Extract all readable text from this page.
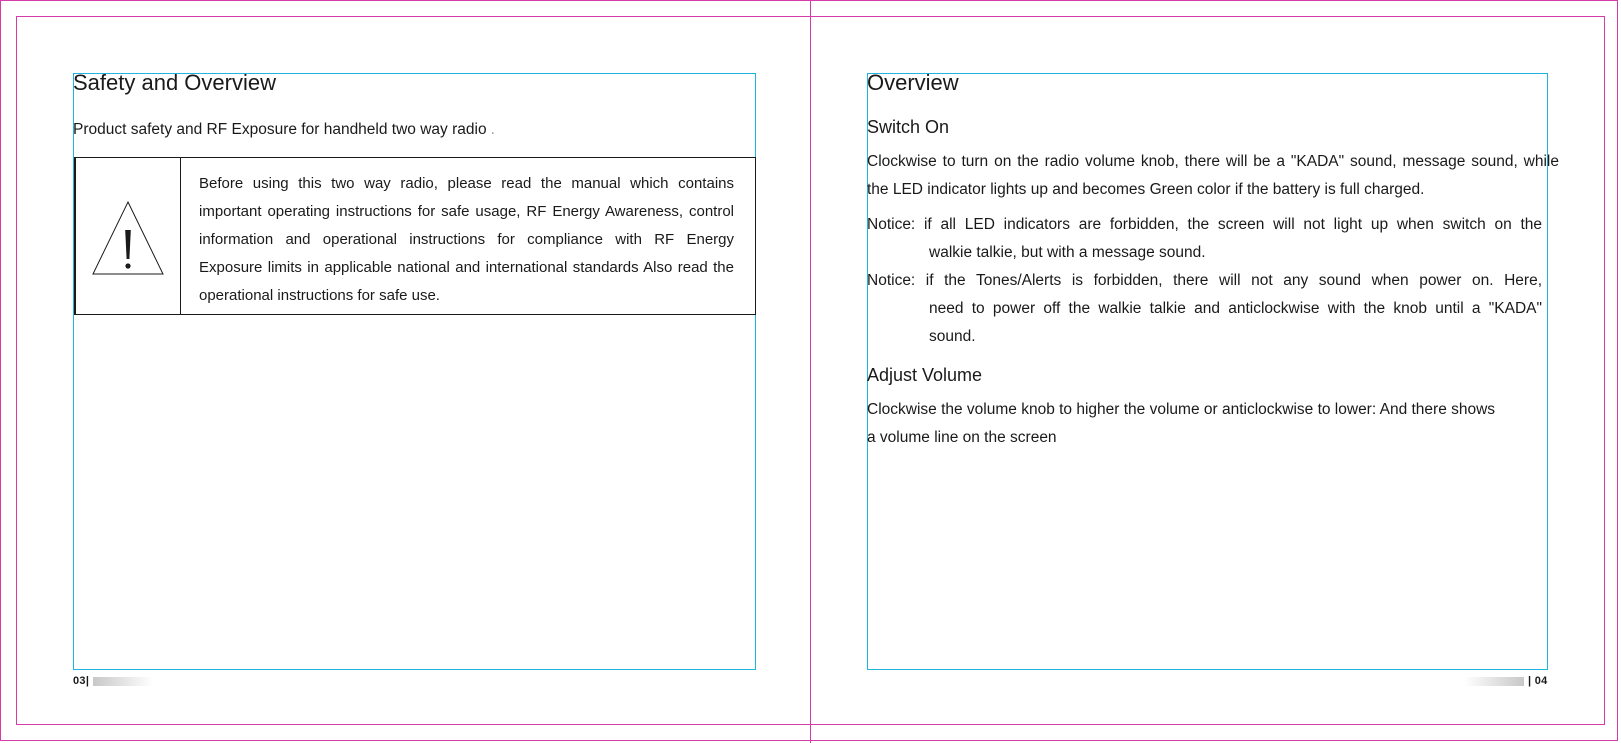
Safety and Overview
Product safety and RF Exposure for handheld two way radio .

Before using this two way radio, please read the manual which contains important operating instructions for safe usage, RF Energy Awareness, control information and operational instructions for compliance with RF Energy Exposure limits in applicable national and international standards Also read the operational instructions for safe use.

03|
Overview
Switch On

Clockwise to turn on the radio volume knob, there will be a "KADA" sound, message sound, while the LED indicator lights up and becomes Green color if the battery is full charged.

Notice: if all LED indicators are forbidden, the screen will not light up when switch on the
walkie talkie, but with a message sound.
Notice: if the Tones/Alerts is forbidden, there will not any sound when power on. Here,
need to power off the walkie talkie and anticlockwise with the knob until a "KADA"
sound.
Adjust Volume
Clockwise the volume knob to higher the volume or anticlockwise to lower: And there shows
a volume line on the screen
| 04
